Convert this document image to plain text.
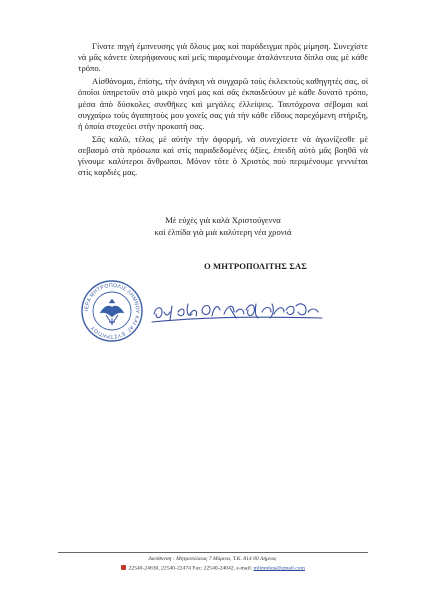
Γίνατε πηγή έμπνευσης γιὰ ὅλους μας καὶ παράδειγμα πρὸς μίμηση. Συνεχίστε νὰ μᾶς κάνετε ὑπερήφανους καὶ μεῖς παραμένουμε ἀταλάντευτα δίπλα σας μὲ κάθε τρόπο.

Αἰσθάνομαι, ἐπίσης, τὴν ἀνάγκη νὰ συγχαρῶ τοὺς ἐκλεκτοὺς καθηγητές σας, οἱ ὁποῖοι ὑπηρετοῦν στὸ μικρὸ νησί μας καὶ σᾶς ἐκπαιδεύουν μὲ κάθε δυνατὸ τρόπο, μέσα ἀπὸ δύσκολες συνθῆκες καὶ μεγάλες ἐλλείψεις. Ταυτόχρονα σέβομαι καὶ συγχαίρω τοὺς ἀγαπητοὺς μου γονεῖς σας γιὰ τὴν κάθε εἴδους παρεχόμενη στήριξη, ἡ ὁποία στοχεύει στὴν προκοπή σας.

Σᾶς καλῶ, τέλος μὲ αὐτὴν τὴν ἀφορμή, νὰ συνεχίσετε νὰ ἀγωνίζεσθε μὲ σεβασμὸ στὰ πρόσωπα καὶ στὶς παραδεδομένες ἀξίες, ἐπειδὴ αὐτὸ μᾶς βοηθᾶ νὰ γίνουμε καλύτεροι ἄνθρωποι. Μόνον τότε ὁ Χριστὸς ποὺ περιμένουμε γεννιέται στὶς καρδιές μας.

Μὲ εὐχὲς γιὰ καλὰ Χριστούγεννα
καὶ ἐλπίδα γιὰ μιὰ καλύτερη νέα χρονιά
Ο ΜΗΤΡΟΠΟΛΙΤΗΣ ΣΑΣ
ΙΕΡΑ ΜΗΤΡΟΠΟΛΙΣ ΛΗΜΝΟΥ ΚΑΙ ΑΓ. ΕΥΣΤΡΑΤΙΟΥ
ὁ Λήμνου καὶ Ἁγ. Εὐστρατίου Ἱερόθεος
Διεύθυνση : Μητροπόλεως 7 Μύρινα, Τ.Κ. 814 00 Λήμνος
22540-24630, 22540-22474 Fax: 22540-24042, e-mail: mlimnhos@gmail.com
